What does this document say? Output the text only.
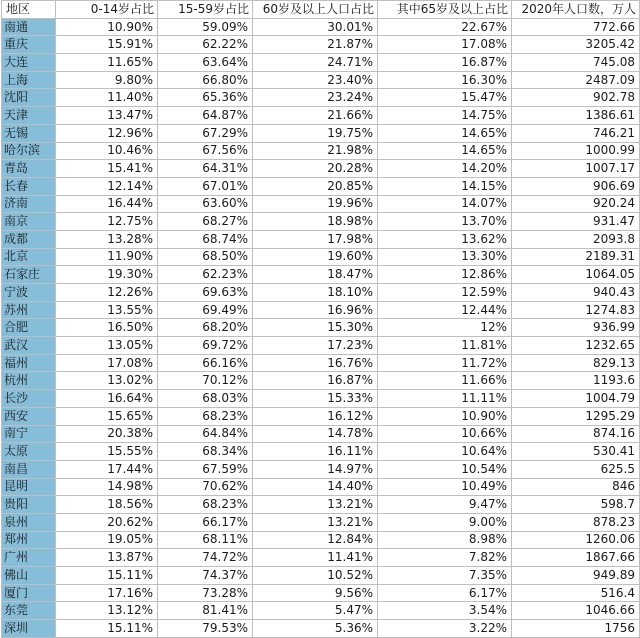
地区	0-14岁占比	15-59岁占比	60岁及以上人口占比	其中65岁及以上占比	2020年人口数，万人
南通	10.90%	59.09%	30.01%	22.67%	772.66
重庆	15.91%	62.22%	21.87%	17.08%	3205.42
大连	11.65%	63.64%	24.71%	16.87%	745.08
上海	9.80%	66.80%	23.40%	16.30%	2487.09
沈阳	11.40%	65.36%	23.24%	15.47%	902.78
天津	13.47%	64.87%	21.66%	14.75%	1386.61
无锡	12.96%	67.29%	19.75%	14.65%	746.21
哈尔滨	10.46%	67.56%	21.98%	14.65%	1000.99
青岛	15.41%	64.31%	20.28%	14.20%	1007.17
长春	12.14%	67.01%	20.85%	14.15%	906.69
济南	16.44%	63.60%	19.96%	14.07%	920.24
南京	12.75%	68.27%	18.98%	13.70%	931.47
成都	13.28%	68.74%	17.98%	13.62%	2093.8
北京	11.90%	68.50%	19.60%	13.30%	2189.31
石家庄	19.30%	62.23%	18.47%	12.86%	1064.05
宁波	12.26%	69.63%	18.10%	12.59%	940.43
苏州	13.55%	69.49%	16.96%	12.44%	1274.83
合肥	16.50%	68.20%	15.30%	12%	936.99
武汉	13.05%	69.72%	17.23%	11.81%	1232.65
福州	17.08%	66.16%	16.76%	11.72%	829.13
杭州	13.02%	70.12%	16.87%	11.66%	1193.6
长沙	16.64%	68.03%	15.33%	11.11%	1004.79
西安	15.65%	68.23%	16.12%	10.90%	1295.29
南宁	20.38%	64.84%	14.78%	10.66%	874.16
太原	15.55%	68.34%	16.11%	10.64%	530.41
南昌	17.44%	67.59%	14.97%	10.54%	625.5
昆明	14.98%	70.62%	14.40%	10.49%	846
贵阳	18.56%	68.23%	13.21%	9.47%	598.7
泉州	20.62%	66.17%	13.21%	9.00%	878.23
郑州	19.05%	68.11%	12.84%	8.98%	1260.06
广州	13.87%	74.72%	11.41%	7.82%	1867.66
佛山	15.11%	74.37%	10.52%	7.35%	949.89
厦门	17.16%	73.28%	9.56%	6.17%	516.4
东莞	13.12%	81.41%	5.47%	3.54%	1046.66
深圳	15.11%	79.53%	5.36%	3.22%	1756
